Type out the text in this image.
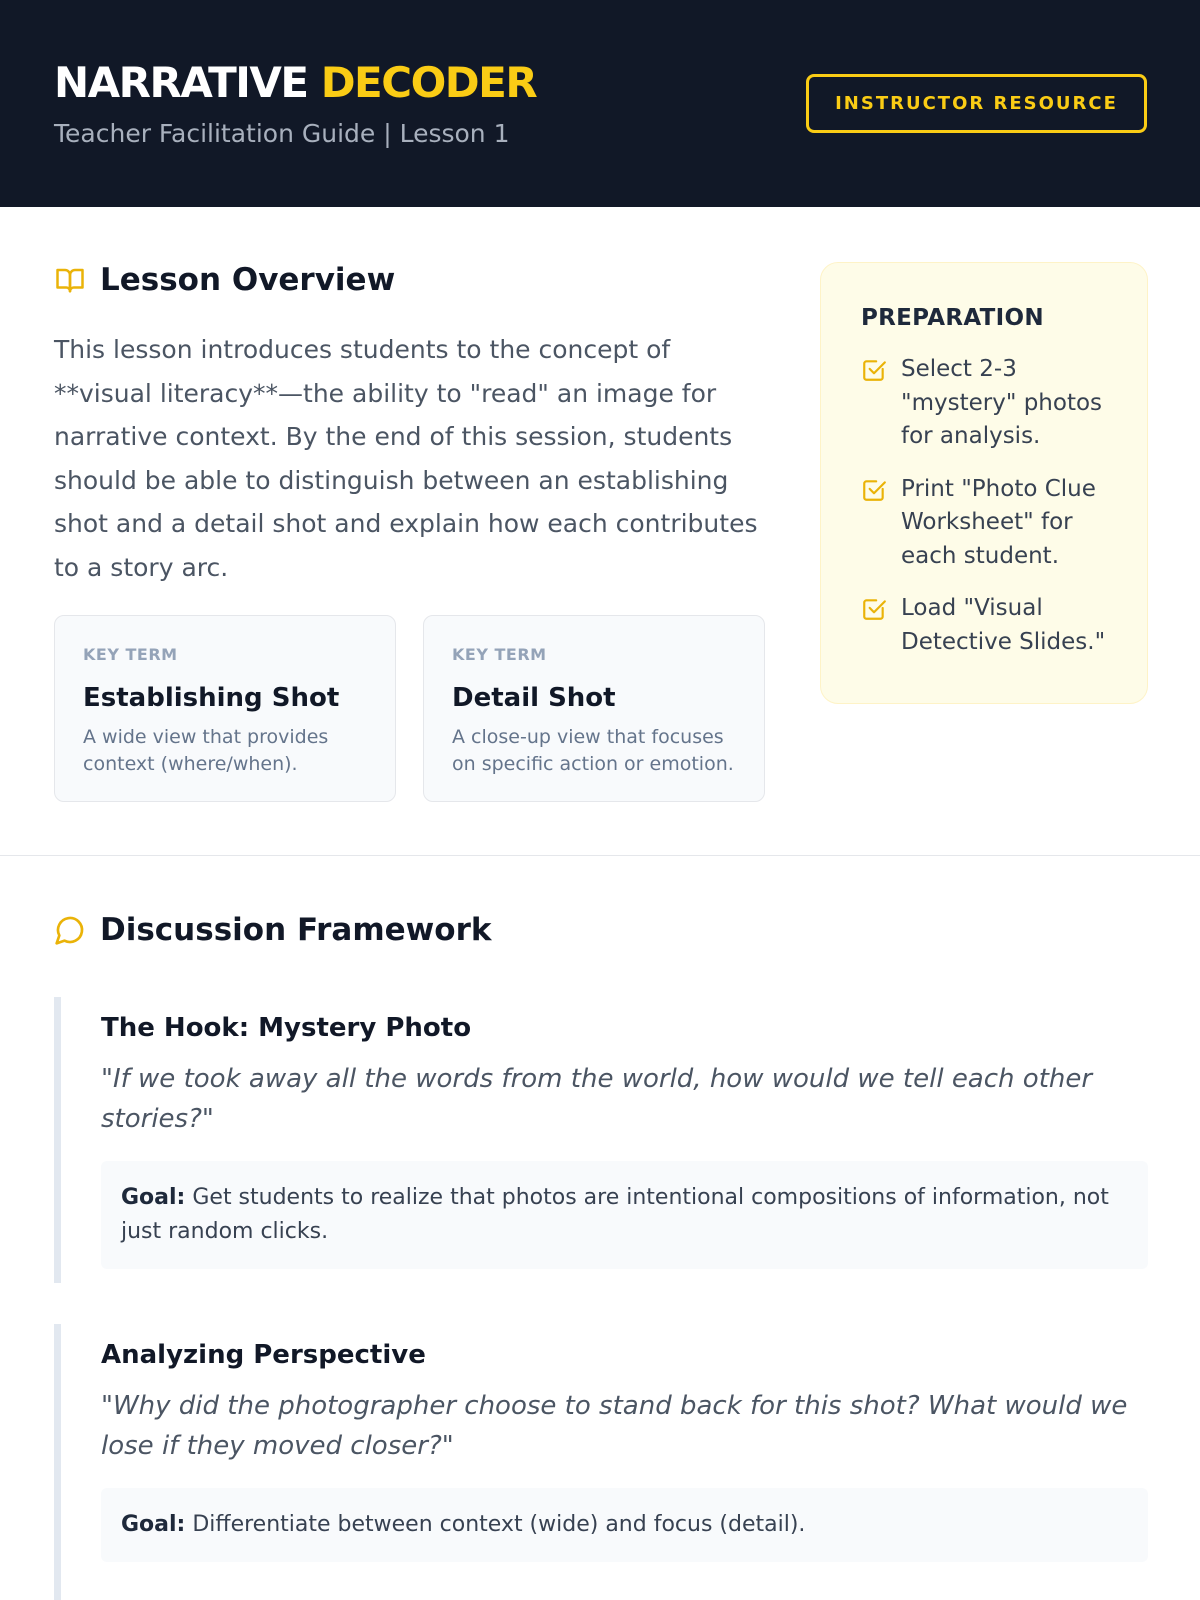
NARRATIVE DECODER
Teacher Facilitation Guide | Lesson 1
INSTRUCTOR RESOURCE
Lesson Overview
This lesson introduces students to the concept of **visual literacy**—the ability to "read" an image for narrative context. By the end of this session, students should be able to distinguish between an establishing shot and a detail shot and explain how each contributes to a story arc.
KEY TERM
Establishing Shot
A wide view that provides context (where/when).
KEY TERM
Detail Shot
A close-up view that focuses on specific action or emotion.
PREPARATION
Select 2-3 "mystery" photos for analysis.
Print "Photo Clue Worksheet" for each student.
Load "Visual Detective Slides."
Discussion Framework
The Hook: Mystery Photo
"If we took away all the words from the world, how would we tell each other stories?"
Goal: Get students to realize that photos are intentional compositions of information, not just random clicks.
Analyzing Perspective
"Why did the photographer choose to stand back for this shot? What would we lose if they moved closer?"
Goal: Differentiate between context (wide) and focus (detail).
